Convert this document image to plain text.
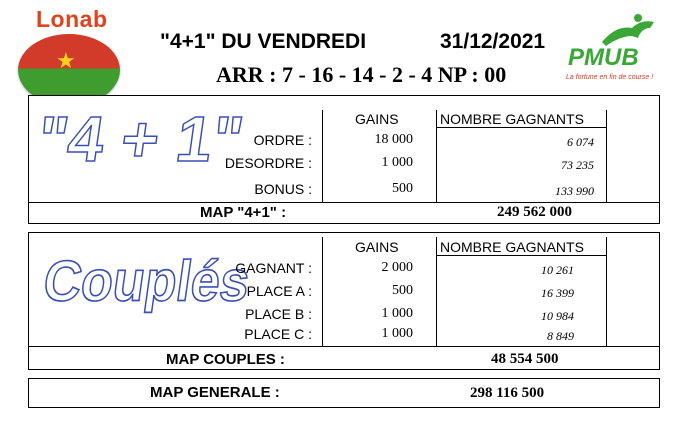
Lonab
★
"4+1" DU VENDREDI	31/12/2021
ARR : 7 - 16 - 14 - 2 - 4 NP : 00
PMUB
La fortune en fin de course !
"4 + 1"	GAINS	NOMBRE GAGNANTS
ORDRE :	18 000	6 074
DESORDRE :	1 000	73 235
BONUS :	500	133 990
MAP "4+1" :	249 562 000
Couplés
GAINS	NOMBRE GAGNANTS
GAGNANT :	2 000	10 261
PLACE A :	500	16 399
PLACE B :	1 000	10 984
PLACE C :	1 000	8 849
MAP COUPLES :	48 554 500
MAP GENERALE :	298 116 500
